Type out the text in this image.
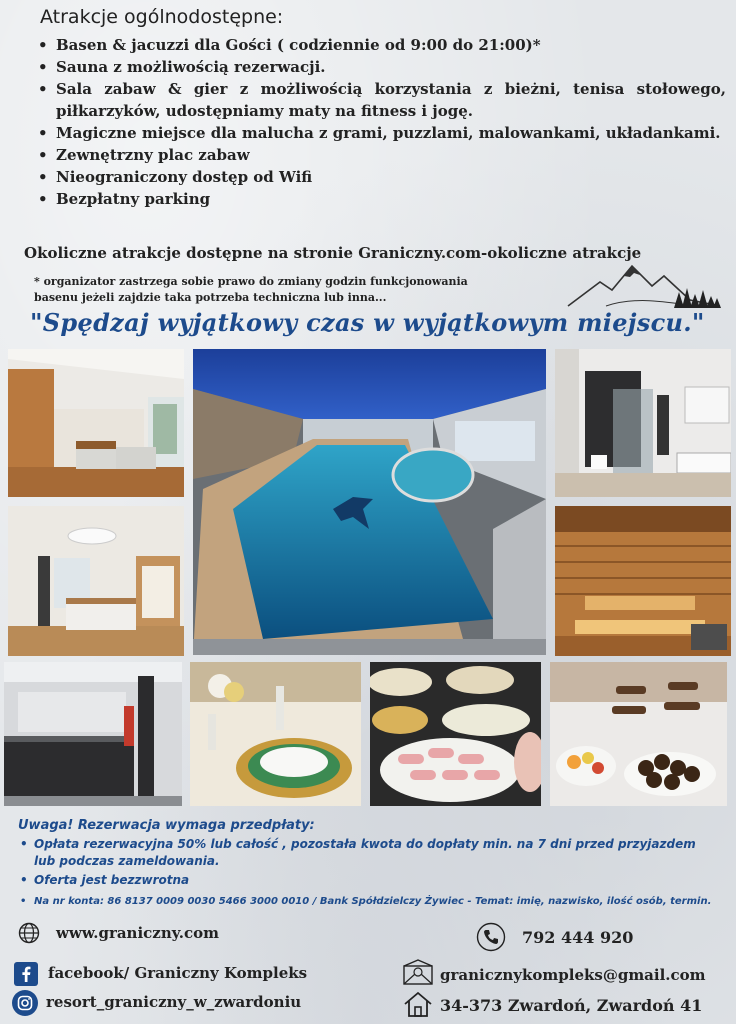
Atrakcje ogólnodostępne:
• Basen & jacuzzi dla Gości ( codziennie od 9:00 do 21:00)*
• Sauna z możliwością rezerwacji.
• Sala zabaw & gier z możliwością korzystania z bieżni, tenisa stołowego, piłkarzyków, udostępniamy maty na fitness i jogę.
• Magiczne miejsce dla malucha z grami, puzzlami, malowankami, układankami.
• Zewnętrzny plac zabaw
• Nieograniczony dostęp od Wifi
• Bezpłatny parking
Okoliczne atrakcje dostępne na stronie Graniczny.com-okoliczne atrakcje
* organizator zastrzega sobie prawo do zmiany godzin funkcjonowania
basenu jeżeli zajdzie taka potrzeba techniczna lub inna...
"Spędzaj wyjątkowy czas w wyjątkowym miejscu."
Uwaga! Rezerwacja wymaga przedpłaty:
• Opłata rezerwacyjna 50% lub całość , pozostała kwota do dopłaty min. na 7 dni przed przyjazdem
lub podczas zameldowania.
• Oferta jest bezzwrotna
• Na nr konta: 86 8137 0009 0030 5466 3000 0010 / Bank Spółdzielczy Żywiec - Temat: imię, nazwisko, ilość osób, termin.
www.graniczny.com	792 444 920
facebook/ Graniczny Kompleks	granicznykompleks@gmail.com
resort_graniczny_w_zwardoniu	34-373 Zwardoń, Zwardoń 41
